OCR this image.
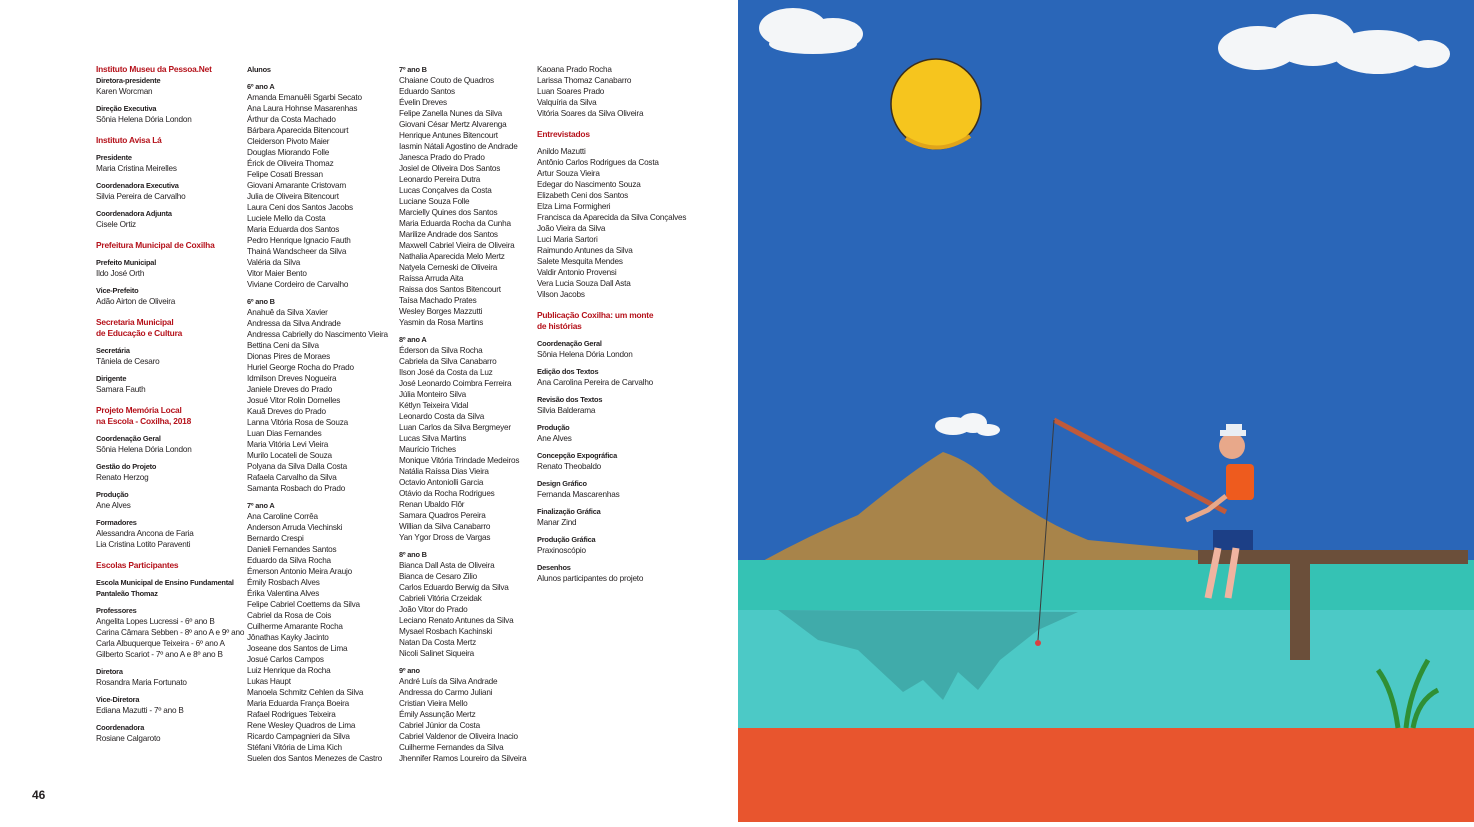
Instituto Museu da Pessoa.Net
Diretora-presidente
Karen Worcman
Direção Executiva
Sônia Helena Dória London
Instituto Avisa Lá
Presidente
Maria Cristina Meirelles
Coordenadora Executiva
Silvia Pereira de Carvalho
Coordenadora Adjunta
Cisele Ortiz
Prefeitura Municipal de Coxilha
Prefeito Municipal
Ildo José Orth
Vice-Prefeito
Adão Airton de Oliveira
Secretaria Municipal
de Educação e Cultura
Secretária
Tânielа de Cesaro
Dirigente
Samara Fauth
Projeto Memória Local
na Escola - Coxilha, 2018
Coordenação Geral
Sônia Helena Dória London
Gestão do Projeto
Renato Herzog
Produção
Ane Alves
Formadores
Alessandra Ancona de Faria
Lia Cristina Lotito Paraventi
Escolas Participantes
Escola Municipal de Ensino Fundamental
Pantaleão Thomaz
Professores
Angelita Lopes Lucressi - 6º ano B
Carina Câmara Sebben - 8º ano A e 9º ano
Carla Albuquerque Teixeira - 6º ano A
Gilberto Scariot - 7º ano A e 8º ano B
Diretora
Rosandra Maria Fortunato
Vice-Diretora
Ediana Mazutti - 7º ano B
Coordenadora
Rosiane Calgaroto
Alunos
6º ano A
Amanda Emanuêli Sgarbi Secato
Ana Laura Hohnse Masarenhas
Árthur da Costa Machado
Bárbara Aparecida Bitencourt
Cleiderson Pivoto Maier
Douglas Miorando Folle
Érick de Oliveira Thomaz
Felipe Cosati Bressan
Giovani Amarante Cristovam
Julia de Oliveira Bitencourt
Laura Ceni dos Santos Jacobs
Luciele Mello da Costa
Maria Eduarda dos Santos
Pedro Henrique Ignacio Fauth
Thainá Wandscheer da Silva
Valéria da Silva
Vitor Maier Bento
Viviane Cordeiro de Carvalho
6º ano B
Anahuê da Silva Xavier
Andressa da Silva Andrade
Andressa Cabrielly do Nascimento Vieira
Bettina Ceni da Silva
Dionas Pires de Moraes
Huriel George Rocha do Prado
Idmilson Dreves Nogueira
Janiele Dreves do Prado
Josué Vitor Rolin Dornelles
Kauã Dreves do Prado
Lanna Vitória Rosa de Souza
Luan Dias Fernandes
Maria Vitória Levi Vieira
Murilo Locateli de Souza
Polyana da Silva Dalla Costa
Rafaela Carvalho da Silva
Samanta Rosbach do Prado
7º ano A
Ana Caroline Corrêa
Anderson Arruda Viechinski
Bernardo Crespi
Danieli Fernandes Santos
Eduardo da Silva Rocha
Émerson Antonio Meira Araujo
Émily Rosbach Alves
Érika Valentina Alves
Felipe Cabriel Coettems da Silva
Cabriel da Rosa de Cois
Cuilherme Amarante Rocha
Jônathas Kayky Jacinto
Joseane dos Santos de Lima
Josué Carlos Campos
Luiz Henrique da Rocha
Lukas Haupt
Manoela Schmitz Cehlen da Silva
Maria Eduarda França Boeira
Rafael Rodrigues Teixeira
Rene Wesley Quadros de Lima
Ricardo Campagnieri da Silva
Stéfani Vitória de Lima Kich
Suelen dos Santos Menezes de Castro
7º ano B
Chaiane Couto de Quadros
Eduardo Santos
Évelin Dreves
Felipe Zanella Nunes da Silva
Giovani César Mertz Alvarenga
Henrique Antunes Bitencourt
Iasmin Nátali Agostino de Andrade
Janescа Prado do Prado
Josiel de Oliveira Dos Santos
Leonardo Pereira Dutra
Lucas Conçalves da Costa
Luciane Souza Folle
Marcielly Quines dos Santos
Maria Eduarda Rocha da Cunha
Marilize Andrade dos Santos
Maxwell Cabriel Vieira de Oliveira
Nathalia Aparecida Melo Mertz
Natyela Cerneski de Oliveira
Raíssa Arruda Aita
Raissa dos Santos Bitencourt
Taísa Machado Prates
Wesley Borges Mazzutti
Yasmin da Rosa Martins
8º ano A
Éderson da Silva Rocha
Cabriela da Silva Canabarro
Ilson José da Costa da Luz
José Leonardo Coimbra Ferreira
Júlia Monteiro Silva
Kétlyn Teixeira Vidal
Leonardo Costa da Silva
Luan Carlos da Silva Bergmeyer
Lucas Silva Martins
Maurício Triches
Monique Vitória Trindade Medeiros
Natália Raíssa Dias Vieira
Octavio Antoniolli Garcia
Otávio da Rocha Rodrigues
Renan Ubaldo Flôr
Samara Quadros Pereira
Willian da Silva Canabarro
Yan Ygor Dross de Vargas
8º ano B
Bianca Dall Asta de Oliveira
Bianca de Cesaro Zilio
Carlos Eduardo Berwig da Silva
Cabrieli Vitória Crzeidak
João Vitor do Prado
Leciano Renato Antunes da Silva
Mysael Rosbach Kachinski
Natan Da Costa Mertz
Nicoli Salinet Siqueira
9º ano
André Luís da Silva Andrade
Andressa do Carmo Juliani
Cristian Vieira Mello
Émily Assunção Mertz
Cabriel Júnior da Costa
Cabriel Valdenor de Oliveira Inacio
Cuilherme Fernandes da Silva
Jhennifer Ramos Loureiro da Silveira
Kaoana Prado Rocha
Larissa Thomaz Canabarro
Luan Soares Prado
Valquíria da Silva
Vitória Soares da Silva Oliveira
Entrevistados
Anildo Mazutti
Antônio Carlos Rodrigues da Costa
Artur Souza Vieira
Edegar do Nascimento Souza
Elizabeth Ceni dos Santos
Elza Lima Formigheri
Francisca da Aparecida da Silva Conçalves
João Vieira da Silva
Luci Maria Sartori
Raimundo Antunes da Silva
Salete Mesquita Mendes
Valdir Antonio Provensi
Vera Lucia Souza Dall Asta
Vilson Jacobs
Publicação Coxilha: um monte
de histórias
Coordenação Geral
Sônia Helena Dória London
Edição dos Textos
Ana Carolina Pereira de Carvalho
Revisão dos Textos
Silvia Balderama
Produção
Ane Alves
Concepção Expográfica
Renato Theobaldo
Design Gráfico
Fernanda Mascarenhas
Finalização Gráfica
Manar Zind
Produção Gráfica
Praxinoscópio
Desenhos
Alunos participantes do projeto
46
